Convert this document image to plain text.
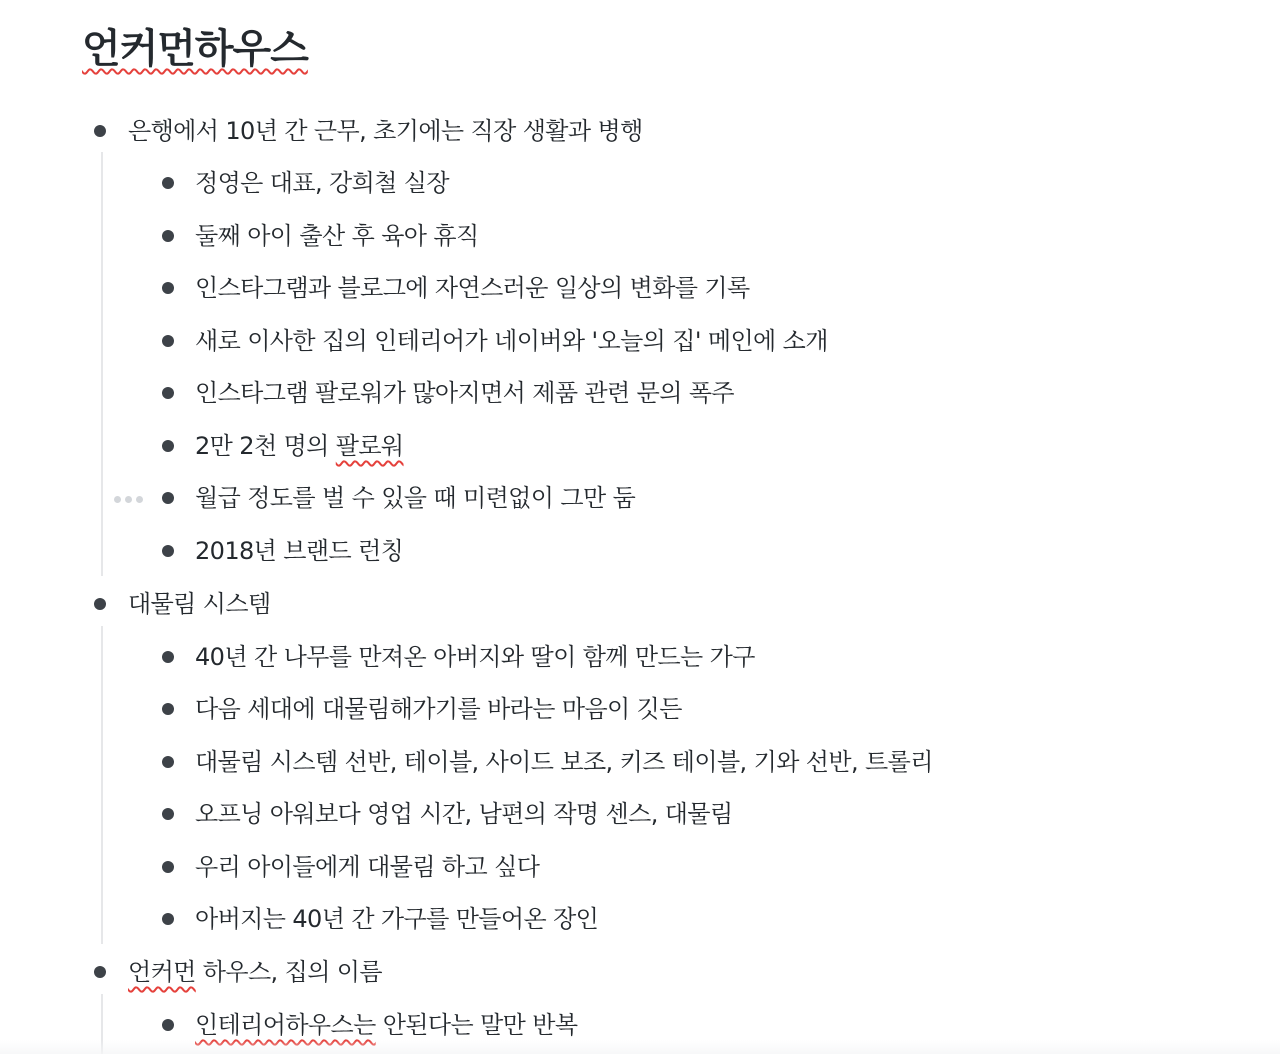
언커먼하우스
은행에서 10년 간 근무, 초기에는 직장 생활과 병행
정영은 대표, 강희철 실장
둘째 아이 출산 후 육아 휴직
인스타그램과 블로그에 자연스러운 일상의 변화를 기록
새로 이사한 집의 인테리어가 네이버와 '오늘의 집' 메인에 소개
인스타그램 팔로워가 많아지면서 제품 관련 문의 폭주
2만 2천 명의 팔로워
월급 정도를 벌 수 있을 때 미련없이 그만 둠
2018년 브랜드 런칭
대물림 시스템
40년 간 나무를 만져온 아버지와 딸이 함께 만드는 가구
다음 세대에 대물림해가기를 바라는 마음이 깃든
대물림 시스템 선반, 테이블, 사이드 보조, 키즈 테이블, 기와 선반, 트롤리
오프닝 아워보다 영업 시간, 남편의 작명 센스, 대물림
우리 아이들에게 대물림 하고 싶다
아버지는 40년 간 가구를 만들어온 장인
언커먼 하우스, 집의 이름
인테리어하우스는 안된다는 말만 반복
